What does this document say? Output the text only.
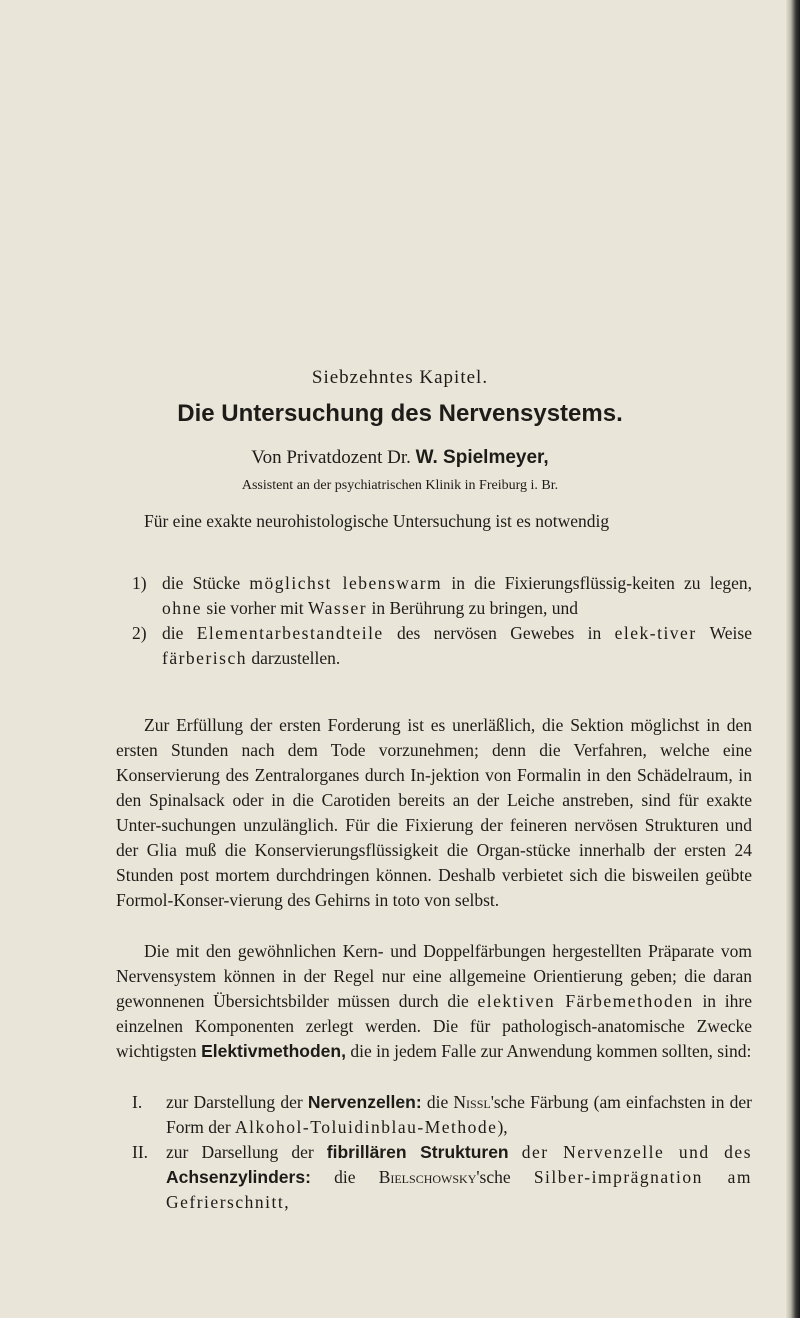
Siebzehntes Kapitel.
Die Untersuchung des Nervensystems.
Von Privatdozent Dr. W. Spielmeyer,
Assistent an der psychiatrischen Klinik in Freiburg i. Br.
Für eine exakte neurohistologische Untersuchung ist es notwendig
1) die Stücke möglichst lebenswarm in die Fixierungsflüssig-keiten zu legen, ohne sie vorher mit Wasser in Berührung zu bringen, und
2) die Elementarbestandteile des nervösen Gewebes in elek-tiver Weise färberisch darzustellen.
Zur Erfüllung der ersten Forderung ist es unerläßlich, die Sektion möglichst in den ersten Stunden nach dem Tode vorzunehmen; denn die Verfahren, welche eine Konservierung des Zentralorganes durch In-jektion von Formalin in den Schädelraum, in den Spinalsack oder in die Carotiden bereits an der Leiche anstreben, sind für exakte Unter-suchungen unzulänglich. Für die Fixierung der feineren nervösen Strukturen und der Glia muß die Konservierungsflüssigkeit die Organ-stücke innerhalb der ersten 24 Stunden post mortem durchdringen können. Deshalb verbietet sich die bisweilen geübte Formol-Konser-vierung des Gehirns in toto von selbst.
Die mit den gewöhnlichen Kern- und Doppelfärbungen hergestellten Präparate vom Nervensystem können in der Regel nur eine allgemeine Orientierung geben; die daran gewonnenen Übersichtsbilder müssen durch die elektiven Färbemethoden in ihre einzelnen Komponenten zerlegt werden. Die für pathologisch-anatomische Zwecke wichtigsten Elektivmethoden, die in jedem Falle zur Anwendung kommen sollten, sind:
I.	zur Darstellung der Nervenzellen: die Nissl'sche Färbung (am einfachsten in der Form der Alkohol-Toluidinblau-Methode),
II.	zur Darsellung der fibrillären Strukturen der Nervenzelle und des Achsenzylinders: die Bielschowsky'sche Silber-imprägnation am Gefrierschnitt,
